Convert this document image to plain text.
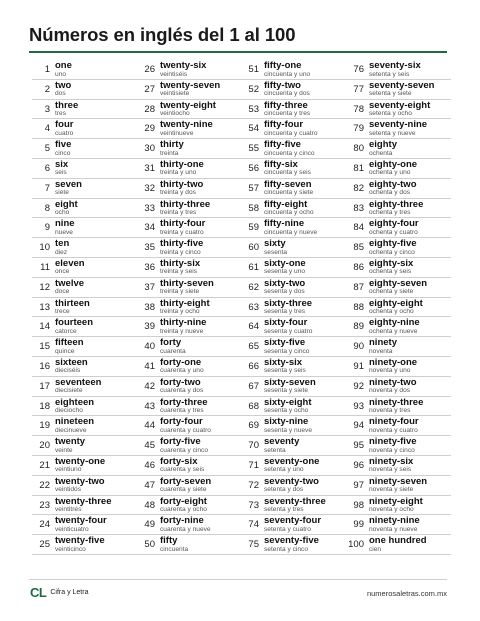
Números en inglés del 1 al 100
1 one
uno
2 two
dos
3 three
tres
4 four
cuatro
5 five
cinco
6 six
seis
7 seven
siete
8 eight
ocho
9 nine
nueve
10 ten
diez
11 eleven
once
12 twelve
doce
13 thirteen
trece
14 fourteen
catorce
15 fifteen
quince
16 sixteen
dieciséis
17 seventeen
diecisiete
18 eighteen
dieciocho
19 nineteen
diecinueve
20 twenty
veinte
21 twenty-one
veintiuno
22 twenty-two
veintidós
23 twenty-three
veintitrés
24 twenty-four
veinticuatro
25 twenty-five
veinticinco
26 twenty-six
veintiséis
27 twenty-seven
veintisiete
28 twenty-eight
veintiocho
29 twenty-nine
veintinueve
30 thirty
treinta
31 thirty-one
treinta y uno
32 thirty-two
treinta y dos
33 thirty-three
treinta y tres
34 thirty-four
treinta y cuatro
35 thirty-five
treinta y cinco
36 thirty-six
treinta y seis
37 thirty-seven
treinta y siete
38 thirty-eight
treinta y ocho
39 thirty-nine
treinta y nueve
40 forty
cuarenta
41 forty-one
cuarenta y uno
42 forty-two
cuarenta y dos
43 forty-three
cuarenta y tres
44 forty-four
cuarenta y cuatro
45 forty-five
cuarenta y cinco
46 forty-six
cuarenta y seis
47 forty-seven
cuarenta y siete
48 forty-eight
cuarenta y ocho
49 forty-nine
cuarenta y nueve
50 fifty
cincuenta
51 fifty-one
cincuenta y uno
52 fifty-two
cincuenta y dos
53 fifty-three
cincuenta y tres
54 fifty-four
cincuenta y cuatro
55 fifty-five
cincuenta y cinco
56 fifty-six
cincuenta y seis
57 fifty-seven
cincuenta y siete
58 fifty-eight
cincuenta y ocho
59 fifty-nine
cincuenta y nueve
60 sixty
sesenta
61 sixty-one
sesenta y uno
62 sixty-two
sesenta y dos
63 sixty-three
sesenta y tres
64 sixty-four
sesenta y cuatro
65 sixty-five
sesenta y cinco
66 sixty-six
sesenta y seis
67 sixty-seven
sesenta y siete
68 sixty-eight
sesenta y ocho
69 sixty-nine
sesenta y nueve
70 seventy
setenta
71 seventy-one
setenta y uno
72 seventy-two
setenta y dos
73 seventy-three
setenta y tres
74 seventy-four
setenta y cuatro
75 seventy-five
setenta y cinco
76 seventy-six
setenta y seis
77 seventy-seven
setenta y siete
78 seventy-eight
setenta y ocho
79 seventy-nine
setenta y nueve
80 eighty
ochenta
81 eighty-one
ochenta y uno
82 eighty-two
ochenta y dos
83 eighty-three
ochenta y tres
84 eighty-four
ochenta y cuatro
85 eighty-five
ochenta y cinco
86 eighty-six
ochenta y seis
87 eighty-seven
ochenta y siete
88 eighty-eight
ochenta y ocho
89 eighty-nine
ochenta y nueve
90 ninety
noventa
91 ninety-one
noventa y uno
92 ninety-two
noventa y dos
93 ninety-three
noventa y tres
94 ninety-four
noventa y cuatro
95 ninety-five
noventa y cinco
96 ninety-six
noventa y seis
97 ninety-seven
noventa y siete
98 ninety-eight
noventa y ocho
99 ninety-nine
noventa y nueve
100 one hundred
cien
CL Cifra y Letra	numerosaletras.com.mx
